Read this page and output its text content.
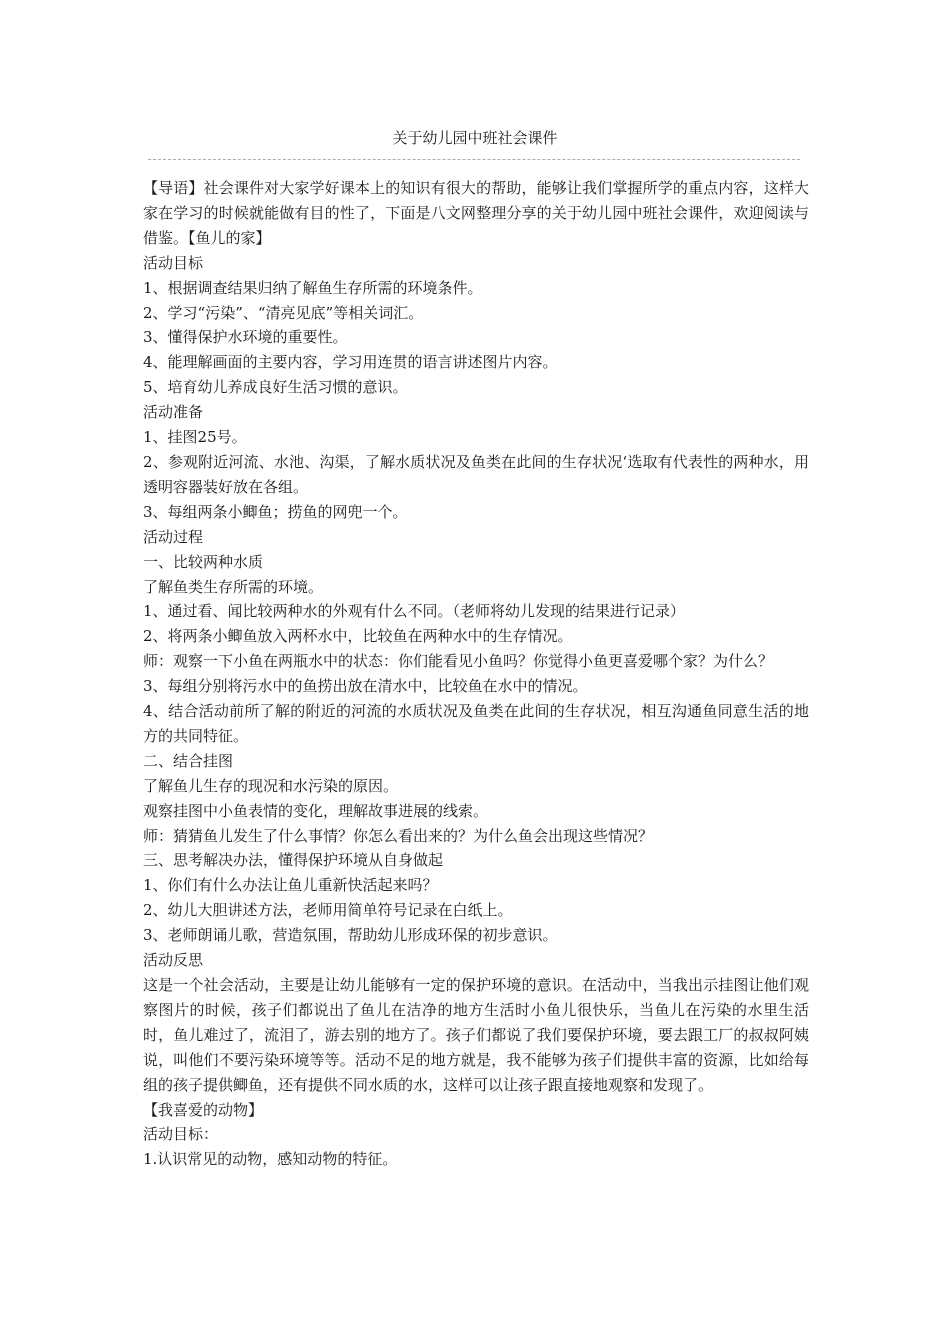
关于幼儿园中班社会课件

【导语】社会课件对大家学好课本上的知识有很大的帮助，能够让我们掌握所学的重点内容，这样大家在学习的时候就能做有目的性了，下面是八文网整理分享的关于幼儿园中班社会课件，欢迎阅读与借鉴。【鱼儿的家】

活动目标

1、根据调查结果归纳了解鱼生存所需的环境条件。

2、学习“污染”、“清亮见底”等相关词汇。

3、懂得保护水环境的重要性。

4、能理解画面的主要内容，学习用连贯的语言讲述图片内容。

5、培育幼儿养成良好生活习惯的意识。

活动准备

1、挂图25号。

2、参观附近河流、水池、沟渠，了解水质状况及鱼类在此间的生存状况‘选取有代表性的两种水，用透明容器装好放在各组。

3、每组两条小鲫鱼；捞鱼的网兜一个。

活动过程

一、比较两种水质

了解鱼类生存所需的环境。

1、通过看、闻比较两种水的外观有什么不同。（老师将幼儿发现的结果进行记录）

2、将两条小鲫鱼放入两杯水中，比较鱼在两种水中的生存情况。

师：观察一下小鱼在两瓶水中的状态：你们能看见小鱼吗？你觉得小鱼更喜爱哪个家？为什么？

3、每组分别将污水中的鱼捞出放在清水中，比较鱼在水中的情况。

4、结合活动前所了解的附近的河流的水质状况及鱼类在此间的生存状况，相互沟通鱼同意生活的地方的共同特征。

二、结合挂图

了解鱼儿生存的现况和水污染的原因。

观察挂图中小鱼表情的变化，理解故事进展的线索。

师：猜猜鱼儿发生了什么事情？你怎么看出来的？为什么鱼会出现这些情况？

三、思考解决办法，懂得保护环境从自身做起

1、你们有什么办法让鱼儿重新快活起来吗？

2、幼儿大胆讲述方法，老师用简单符号记录在白纸上。

3、老师朗诵儿歌，营造氛围，帮助幼儿形成环保的初步意识。

活动反思

这是一个社会活动，主要是让幼儿能够有一定的保护环境的意识。在活动中，当我出示挂图让他们观察图片的时候，孩子们都说出了鱼儿在洁净的地方生活时小鱼儿很快乐，当鱼儿在污染的水里生活时，鱼儿难过了，流泪了，游去别的地方了。孩子们都说了我们要保护环境，要去跟工厂的叔叔阿姨说，叫他们不要污染环境等等。活动不足的地方就是，我不能够为孩子们提供丰富的资源，比如给每组的孩子提供鲫鱼，还有提供不同水质的水，这样可以让孩子跟直接地观察和发现了。

【我喜爱的动物】

活动目标：

1.认识常见的动物，感知动物的特征。
